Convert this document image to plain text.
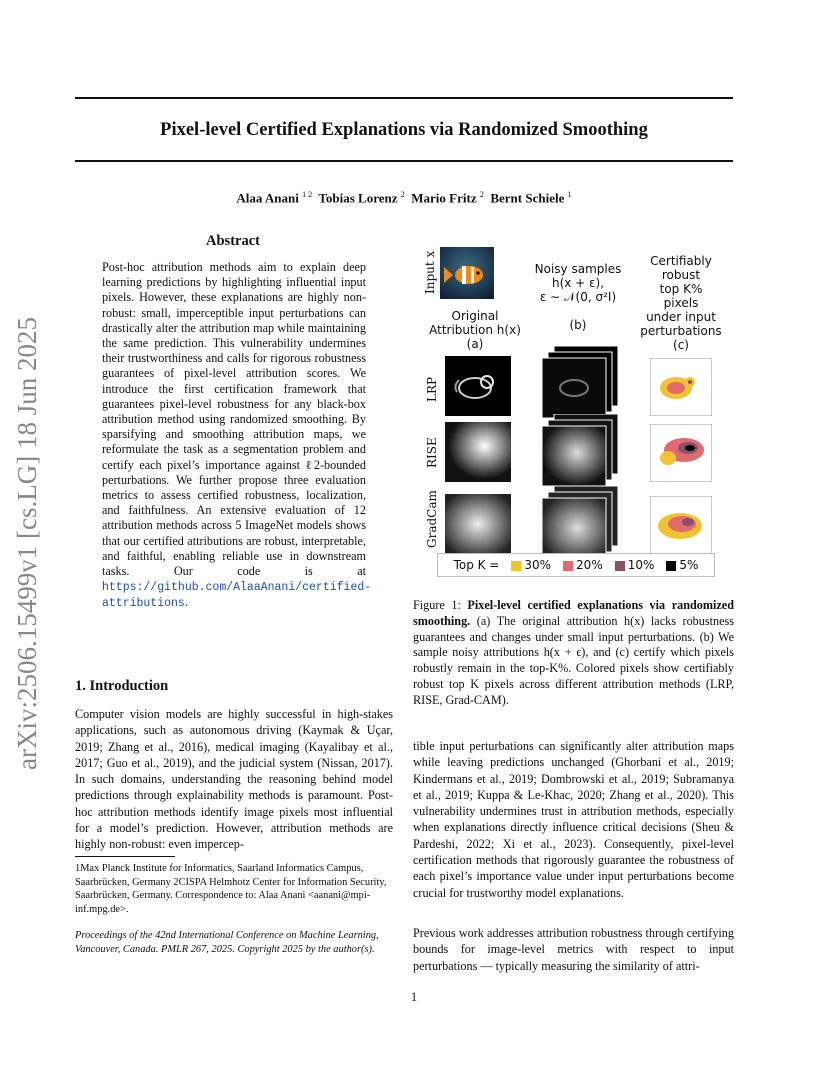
arXiv:2506.15499v1 [cs.LG] 18 Jun 2025
Pixel-level Certified Explanations via Randomized Smoothing
Alaa Anani $^{1 2}$ Tobias Lorenz $^2$ Mario Fritz $^2$ Bernt Schiele $^1$
Abstract
Post-hoc attribution methods aim to explain deep learning predictions by highlighting influential input pixels. However, these explanations are highly non-robust: small, imperceptible input perturbations can drastically alter the attribution map while maintaining the same prediction. This vulnerability undermines their trustworthiness and calls for rigorous robustness guarantees of pixel-level attribution scores. We introduce the first certification framework that guarantees pixel-level robustness for any black-box attribution method using randomized smoothing. By sparsifying and smoothing attribution maps, we reformulate the task as a segmentation problem and certify each pixel’s importance against ℓ2-bounded perturbations. We further propose three evaluation metrics to assess certified robustness, localization, and faithfulness. An extensive evaluation of 12 attribution methods across 5 ImageNet models shows that our certified attributions are robust, interpretable, and faithful, enabling reliable use in downstream tasks. Our code is at https://github.com/AlaaAnani/certified-attributions.
1. Introduction
Computer vision models are highly successful in high-stakes applications, such as autonomous driving (Kaymak & Uçar, 2019; Zhang et al., 2016), medical imaging (Kayalibay et al., 2017; Guo et al., 2019), and the judicial system (Nissan, 2017). In such domains, understanding the reasoning behind model predictions through explainability methods is paramount. Post-hoc attribution methods identify image pixels most influential for a model’s prediction. However, attribution methods are highly non-robust: even impercep-
1Max Planck Institute for Informatics, Saarland Informatics Campus, Saarbrücken, Germany 2CISPA Helmhotz Center for Information Security, Saarbrücken, Germany. Correspondence to: Alaa Anani <aanani@mpi-inf.mpg.de>.
Proceedings of the 42nd International Conference on Machine Learning, Vancouver, Canada. PMLR 267, 2025. Copyright 2025 by the author(s).
1
tible input perturbations can significantly alter attribution maps while leaving predictions unchanged (Ghorbani et al., 2019; Kindermans et al., 2019; Dombrowski et al., 2019; Subramanya et al., 2019; Kuppa & Le-Khac, 2020; Zhang et al., 2020). This vulnerability undermines trust in attribution methods, especially when explanations directly influence critical decisions (Sheu & Pardeshi, 2022; Xi et al., 2023). Consequently, pixel-level certification methods that rigorously guarantee the robustness of each pixel’s importance value under input perturbations become crucial for trustworthy model explanations.
Previous work addresses attribution robustness through certifying bounds for image-level metrics with respect to input perturbations — typically measuring the similarity of attri-
Input x
Original
Attribution h(x)
(a)
Noisy samples
h(x + ε),
ε ∼ 𝒩(0, σ²I)

(b)
Certifiably
robust
top K%
pixels
under input
perturbations
(c)
LRP
RISE
GradCam
Top K =	30%	20%	10%	5%
Figure 1: Pixel-level certified explanations via randomized smoothing. (a) The original attribution h(x) lacks robustness guarantees and changes under small input perturbations. (b) We sample noisy attributions h(x + ϵ), and (c) certify which pixels robustly remain in the top-K%. Colored pixels show certifiably robust top K pixels across different attribution methods (LRP, RISE, Grad-CAM).
